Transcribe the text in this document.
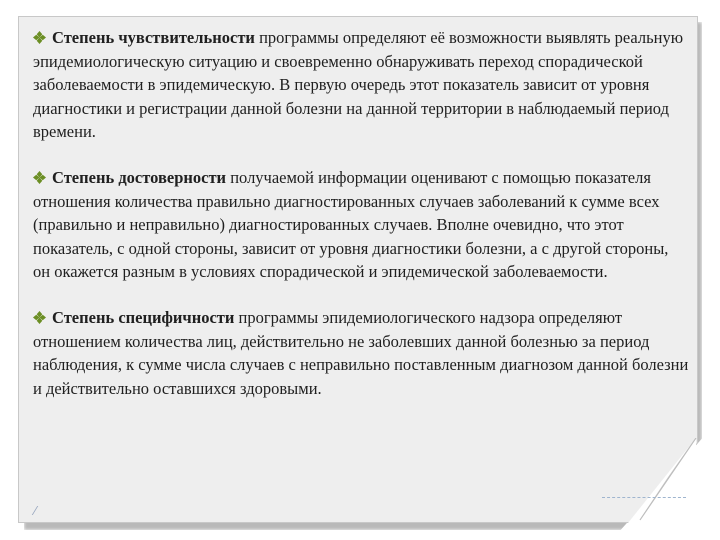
⁄

Степень чувствительности программы определяют её возможности выявлять реальную эпидемиологическую ситуацию и своевременно обнаруживать переход спорадической заболеваемости в эпидемическую. В первую очередь этот показатель зависит от уровня диагностики и регистрации данной болезни на данной территории в наблюдаемый период времени.

Степень достоверности получаемой информации оценивают с помощью показателя отношения количества правильно диагностированных случаев заболеваний к сумме всех (правильно и неправильно) диагностированных случаев. Вполне очевидно, что этот показатель, с одной стороны, зависит от уровня диагностики болезни, а с другой стороны, он окажется разным в условиях спорадической и эпидемической заболеваемости.

Степень специфичности программы эпидемиологического надзора определяют отношением количества лиц, действительно не заболевших данной болезнью за период наблюдения, к сумме числа случаев с неправильно поставленным диагнозом данной болезни и действительно оставшихся здоровыми.
